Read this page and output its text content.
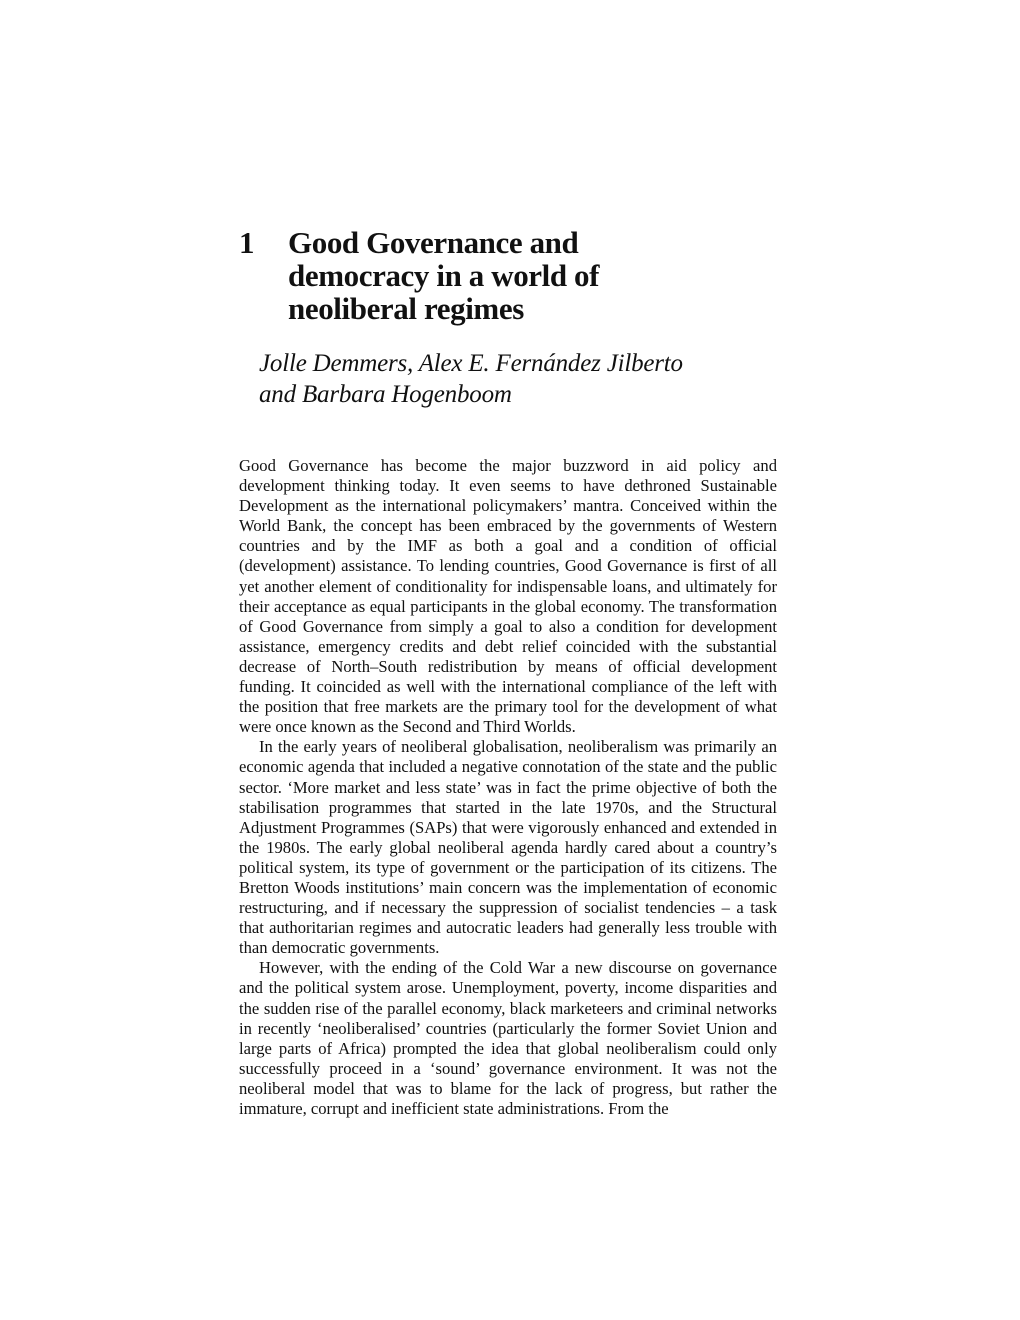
1 Good Governance and democracy in a world of neoliberal regimes
Jolle Demmers, Alex E. Fernández Jilberto and Barbara Hogenboom

Good Governance has become the major buzzword in aid policy and development thinking today. It even seems to have dethroned Sustainable Development as the international policymakers’ mantra. Conceived within the World Bank, the concept has been embraced by the governments of Western countries and by the IMF as both a goal and a condition of official (development) assistance. To lending countries, Good Governance is first of all yet another element of conditionality for indispensable loans, and ultimately for their acceptance as equal participants in the global economy. The transformation of Good Governance from simply a goal to also a condition for development assistance, emergency credits and debt relief coincided with the substantial decrease of North–South redistribution by means of official development funding. It coincided as well with the international compliance of the left with the position that free markets are the primary tool for the development of what were once known as the Second and Third Worlds.

In the early years of neoliberal globalisation, neoliberalism was primarily an economic agenda that included a negative connotation of the state and the public sector. ‘More market and less state’ was in fact the prime objective of both the stabilisation programmes that started in the late 1970s, and the Structural Adjustment Programmes (SAPs) that were vigorously enhanced and extended in the 1980s. The early global neoliberal agenda hardly cared about a country’s political system, its type of government or the participation of its citizens. The Bretton Woods institutions’ main concern was the implementation of economic restructuring, and if necessary the suppression of socialist tendencies – a task that authoritarian regimes and autocratic leaders had generally less trouble with than democratic governments.

However, with the ending of the Cold War a new discourse on governance and the political system arose. Unemployment, poverty, income disparities and the sudden rise of the parallel economy, black marketeers and criminal networks in recently ‘neoliberalised’ countries (particularly the former Soviet Union and large parts of Africa) prompted the idea that global neoliberalism could only successfully proceed in a ‘sound’ governance environment. It was not the neoliberal model that was to blame for the lack of progress, but rather the immature, corrupt and inefficient state administrations. From the
